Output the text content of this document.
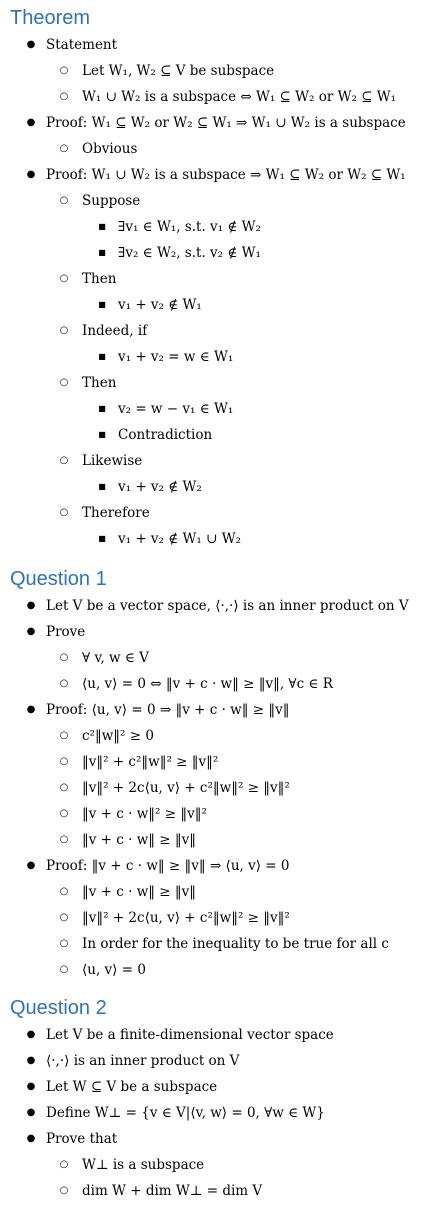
Theorem
● Statement
○ Let W₁, W₂ ⊆ V be subspace
○ W₁ ∪ W₂ is a subspace ⇔ W₁ ⊆ W₂ or W₂ ⊆ W₁
● Proof: W₁ ⊆ W₂ or W₂ ⊆ W₁ ⇒ W₁ ∪ W₂ is a subspace
○ Obvious
● Proof: W₁ ∪ W₂ is a subspace ⇒ W₁ ⊆ W₂ or W₂ ⊆ W₁
○ Suppose
■ ∃v₁ ∈ W₁, s.t. v₁ ∉ W₂
■ ∃v₂ ∈ W₂, s.t. v₂ ∉ W₁
○ Then
■ v₁ + v₂ ∉ W₁
○ Indeed, if
■ v₁ + v₂ = w ∈ W₁
○ Then
■ v₂ = w − v₁ ∈ W₁
■ Contradiction
○ Likewise
■ v₁ + v₂ ∉ W₂
○ Therefore
■ v₁ + v₂ ∉ W₁ ∪ W₂
Question 1
● Let V be a vector space, ⟨·,·⟩ is an inner product on V
● Prove
○ ∀ v, w ∈ V
○ ⟨u, v⟩ = 0 ⇔ ‖v + c · w‖ ≥ ‖v‖, ∀c ∈ R
● Proof: ⟨u, v⟩ = 0 ⇒ ‖v + c · w‖ ≥ ‖v‖
○ c²‖w‖² ≥ 0
○ ‖v‖² + c²‖w‖² ≥ ‖v‖²
○ ‖v‖² + 2c⟨u, v⟩ + c²‖w‖² ≥ ‖v‖²
○ ‖v + c · w‖² ≥ ‖v‖²
○ ‖v + c · w‖ ≥ ‖v‖
● Proof: ‖v + c · w‖ ≥ ‖v‖ ⇒ ⟨u, v⟩ = 0
○ ‖v + c · w‖ ≥ ‖v‖
○ ‖v‖² + 2c⟨u, v⟩ + c²‖w‖² ≥ ‖v‖²
○ In order for the inequality to be true for all c
○ ⟨u, v⟩ = 0
Question 2
● Let V be a finite-dimensional vector space
● ⟨·,·⟩ is an inner product on V
● Let W ⊆ V be a subspace
● Define W⊥ = {v ∈ V|⟨v, w⟩ = 0, ∀w ∈ W}
● Prove that
○ W⊥ is a subspace
○ dim W + dim W⊥ = dim V
